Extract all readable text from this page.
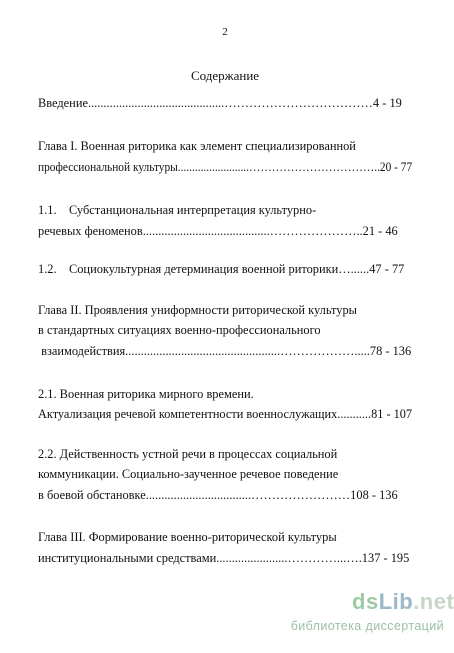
2
Содержание
Введение............................................………………………………4 - 19
Глава I. Военная риторика как элемент специализированной
профессиональной культуры.........................……………………………..20 - 77
1.1.    Субстанциональная интерпретация культурно-
речевых феноменов.........................................…………………..21 - 46
1.2.    Социокультурная детерминация военной риторики…......47 - 77
Глава II. Проявления униформности риторической культуры
в стандартных ситуациях военно-профессионального
взаимодействия..................................................……………….....78 - 136
2.1. Военная риторика мирного времени.
Актуализация речевой компетентности военнослужащих...........81 - 107
2.2. Действенность устной речи в процессах социальной
коммуникации. Социально-заученное речевое поведение
в боевой обстановке..................................……………………108 - 136
Глава III. Формирование военно-риторической культуры
институциональными средствами.......................…………...….137 - 195
dsLib.net
библиотека диссертаций
